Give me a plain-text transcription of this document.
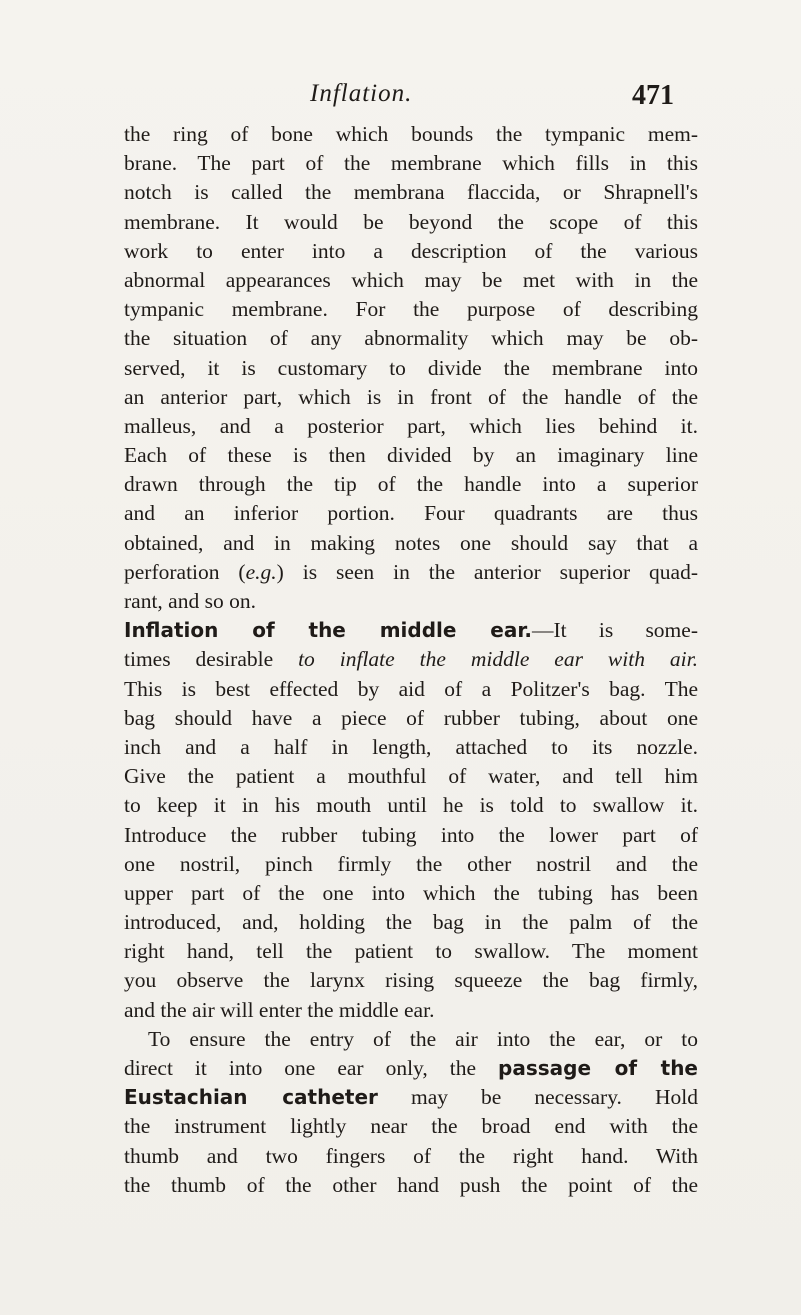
Inflation.	471
the ring of bone which bounds the tympanic mem-
brane. The part of the membrane which fills in this
notch is called the membrana flaccida, or Shrapnell's
membrane. It would be beyond the scope of this
work to enter into a description of the various
abnormal appearances which may be met with in the
tympanic membrane. For the purpose of describing
the situation of any abnormality which may be ob-
served, it is customary to divide the membrane into
an anterior part, which is in front of the handle of the
malleus, and a posterior part, which lies behind it.
Each of these is then divided by an imaginary line
drawn through the tip of the handle into a superior
and an inferior portion. Four quadrants are thus
obtained, and in making notes one should say that a
perforation (e.g.) is seen in the anterior superior quad-
rant, and so on.
Inflation of the middle ear.—It is some-
times desirable to inflate the middle ear with air.
This is best effected by aid of a Politzer's bag. The
bag should have a piece of rubber tubing, about one
inch and a half in length, attached to its nozzle.
Give the patient a mouthful of water, and tell him
to keep it in his mouth until he is told to swallow it.
Introduce the rubber tubing into the lower part of
one nostril, pinch firmly the other nostril and the
upper part of the one into which the tubing has been
introduced, and, holding the bag in the palm of the
right hand, tell the patient to swallow. The moment
you observe the larynx rising squeeze the bag firmly,
and the air will enter the middle ear.
To ensure the entry of the air into the ear, or to
direct it into one ear only, the passage of the
Eustachian catheter may be necessary. Hold
the instrument lightly near the broad end with the
thumb and two fingers of the right hand. With
the thumb of the other hand push the point of the
